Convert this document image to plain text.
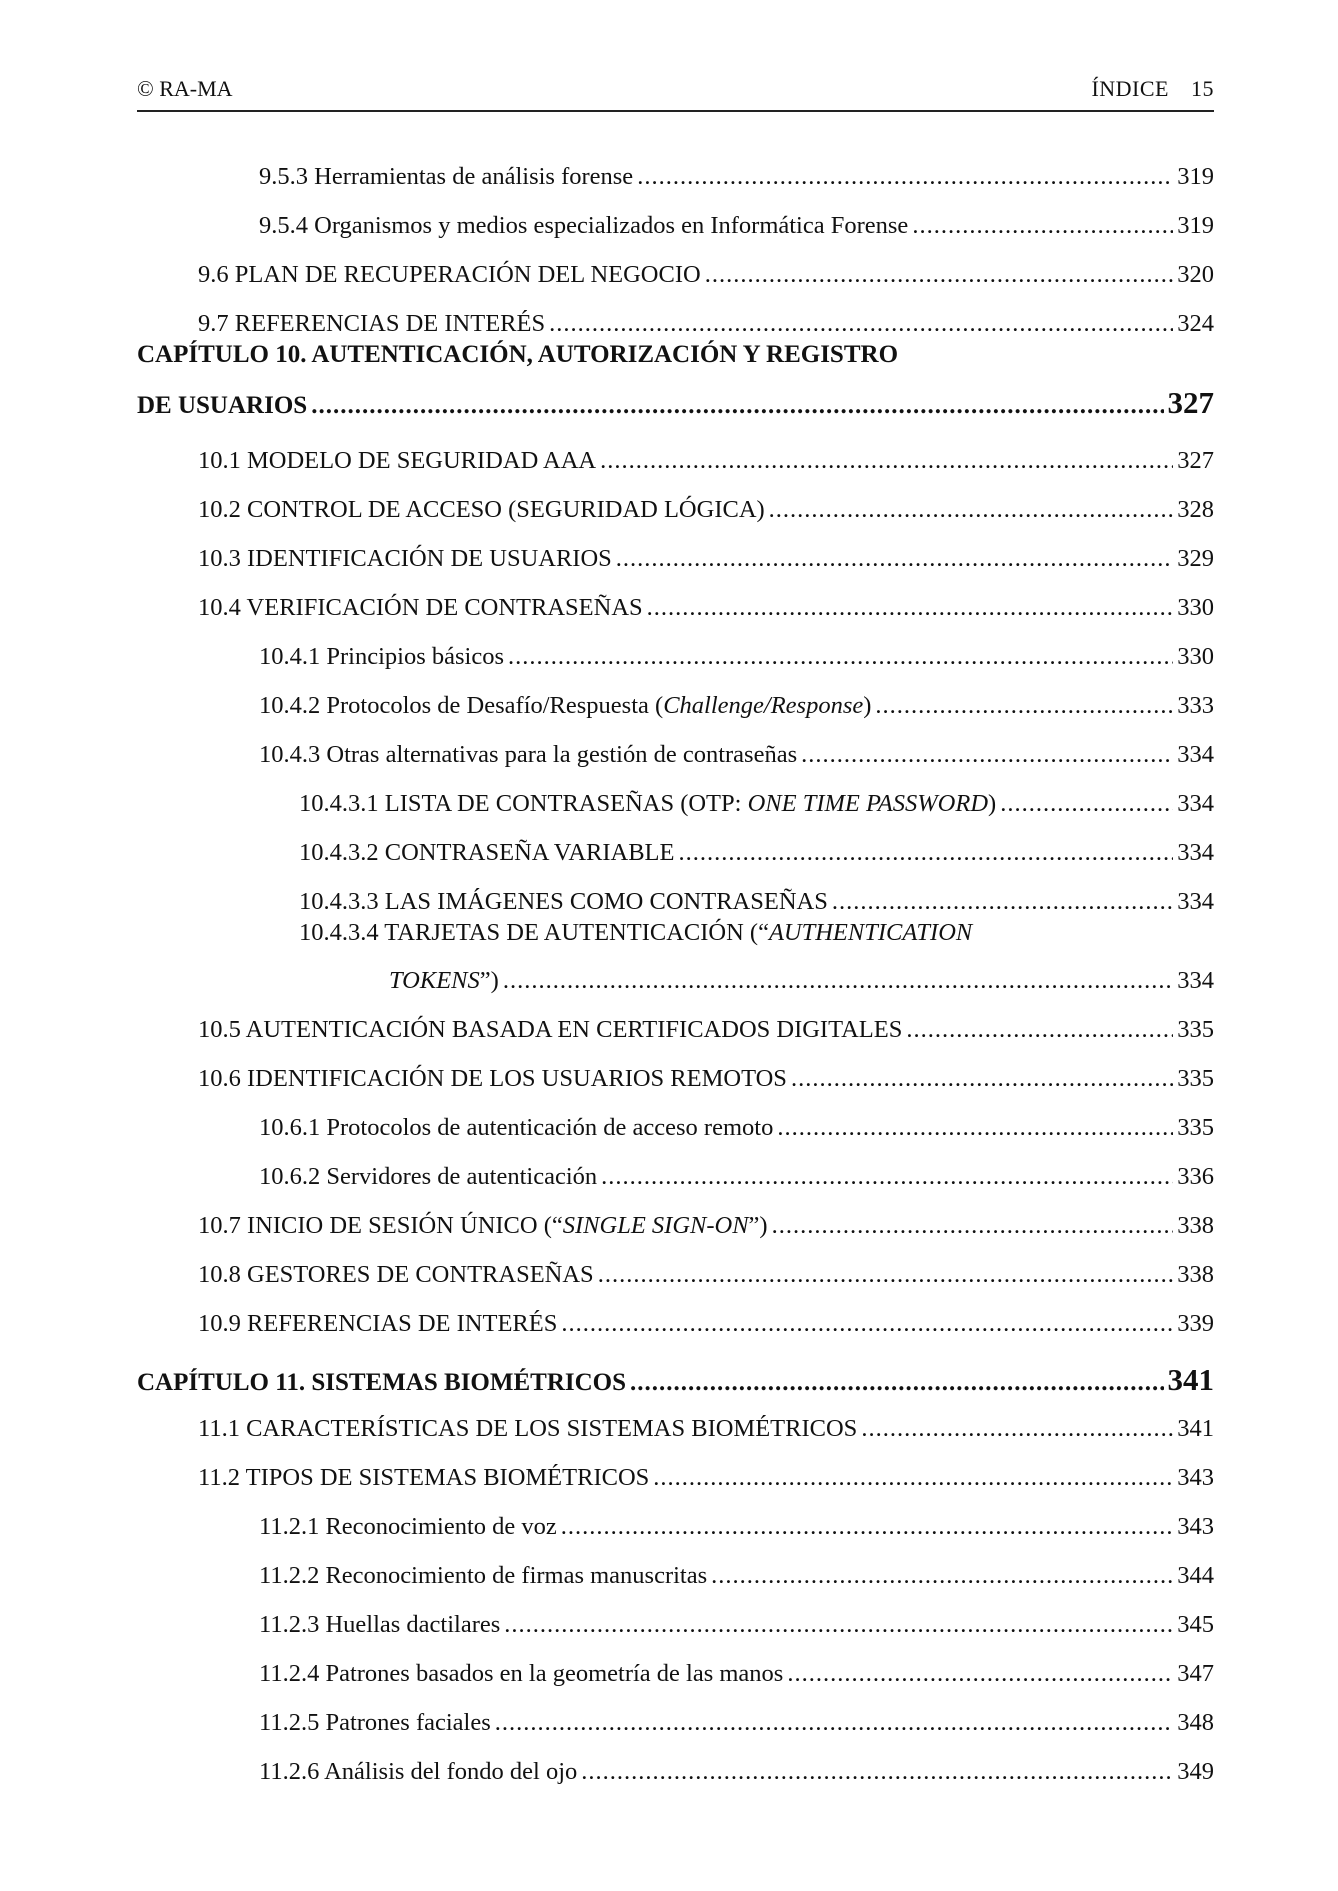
© RA-MA	ÍNDICE 15
9.5.3 Herramientas de análisis forense .....	319
9.5.4 Organismos y medios especializados en Informática Forense .....	319
9.6 PLAN DE RECUPERACIÓN DEL NEGOCIO .....	320
9.7 REFERENCIAS DE INTERÉS .....	324
CAPÍTULO 10. AUTENTICACIÓN, AUTORIZACIÓN Y REGISTRO
DE USUARIOS .....	327
10.1 MODELO DE SEGURIDAD AAA .....	327
10.2 CONTROL DE ACCESO (SEGURIDAD LÓGICA) .....	328
10.3 IDENTIFICACIÓN DE USUARIOS .....	329
10.4 VERIFICACIÓN DE CONTRASEÑAS .....	330
10.4.1 Principios básicos .....	330
10.4.2 Protocolos de Desafío/Respuesta (Challenge/Response) .....	333
10.4.3 Otras alternativas para la gestión de contraseñas .....	334
10.4.3.1 LISTA DE CONTRASEÑAS (OTP: ONE TIME PASSWORD) .....	334
10.4.3.2 CONTRASEÑA VARIABLE .....	334
10.4.3.3 LAS IMÁGENES COMO CONTRASEÑAS .....	334
10.4.3.4 TARJETAS DE AUTENTICACIÓN (“AUTHENTICATION
TOKENS”) .....	334
10.5 AUTENTICACIÓN BASADA EN CERTIFICADOS DIGITALES .....	335
10.6 IDENTIFICACIÓN DE LOS USUARIOS REMOTOS .....	335
10.6.1 Protocolos de autenticación de acceso remoto .....	335
10.6.2 Servidores de autenticación .....	336
10.7 INICIO DE SESIÓN ÚNICO (“SINGLE SIGN-ON”) .....	338
10.8 GESTORES DE CONTRASEÑAS .....	338
10.9 REFERENCIAS DE INTERÉS .....	339
CAPÍTULO 11. SISTEMAS BIOMÉTRICOS .....	341
11.1 CARACTERÍSTICAS DE LOS SISTEMAS BIOMÉTRICOS .....	341
11.2 TIPOS DE SISTEMAS BIOMÉTRICOS .....	343
11.2.1 Reconocimiento de voz .....	343
11.2.2 Reconocimiento de firmas manuscritas .....	344
11.2.3 Huellas dactilares .....	345
11.2.4 Patrones basados en la geometría de las manos .....	347
11.2.5 Patrones faciales .....	348
11.2.6 Análisis del fondo del ojo .....	349
